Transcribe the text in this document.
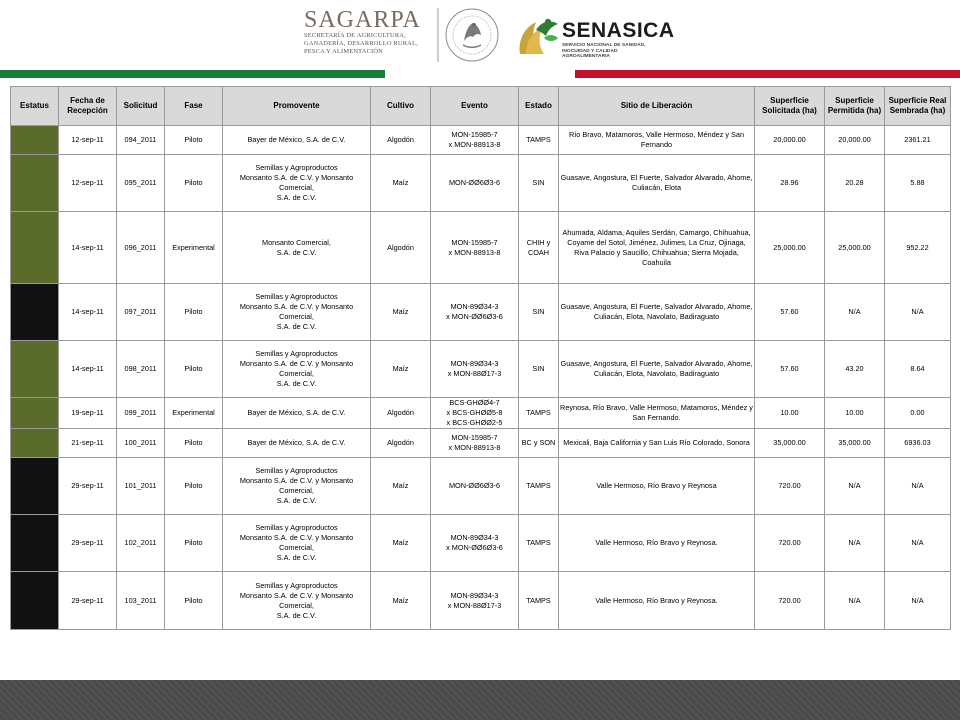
SAGARPA
SECRETARÍA DE AGRICULTURA,
GANADERÍA, DESARROLLO RURAL,
PESCA Y ALIMENTACIÓN
SENASICA
SERVICIO NACIONAL DE SANIDAD,
INOCUIDAD Y CALIDAD
AGROALIMENTARIA
Estatus	Fecha de Recepción	Solicitud	Fase	Promovente	Cultivo	Evento	Estado	Sitio de Liberación	Superficie Solicitada (ha)	Superficie Permitida (ha)	Superficie Real Sembrada (ha)
	12-sep-11	094_2011	Piloto	Bayer de México, S.A. de C.V.	Algodón	MON-15985-7
x MON-88913-8	TAMPS	Río Bravo, Matamoros, Valle Hermoso, Méndez y San Fernando	20,000.00	20,000.00	2361.21
	12-sep-11	095_2011	Piloto	Semillas y Agroproductos
Monsanto S.A. de C.V. y Monsanto Comercial,
S.A. de C.V.	Maíz	MON-ØØ6Ø3-6	SIN	Guasave, Angostura, El Fuerte, Salvador Alvarado, Ahome, Culiacán, Elota	28.96	20.28	5.88
	14-sep-11	096_2011	Experimental	Monsanto Comercial,
S.A. de C.V.	Algodón	MON-15985-7
x MON-88913-8	CHIH y COAH	Ahumada, Aldama, Aquiles Serdán, Camargo, Chihuahua, Coyame del Sotol, Jiménez, Julimes, La Cruz, Ojinaga, Riva Palacio y Saucillo, Chihuahua; Sierra Mojada, Coahuila	25,000.00	25,000.00	952.22
	14-sep-11	097_2011	Piloto	Semillas y Agroproductos
Monsanto S.A. de C.V. y Monsanto Comercial,
S.A. de C.V.	Maíz	MON-89Ø34-3
x MON-ØØ6Ø3-6	SIN	Guasave, Angostura, El Fuerte, Salvador Alvarado, Ahome, Culiacán, Elota, Navolato, Badiraguato	57.60	N/A	N/A
	14-sep-11	098_2011	Piloto	Semillas y Agroproductos
Monsanto S.A. de C.V. y Monsanto Comercial,
S.A. de C.V.	Maíz	MON-89Ø34-3
x MON-88Ø17-3	SIN	Guasave, Angostura, El Fuerte, Salvador Alvarado, Ahome, Culiacán, Elota, Navolato, Badiraguato	57.60	43.20	8.64
	19-sep-11	099_2011	Experimental	Bayer de México, S.A. de C.V.	Algodón	BCS-GHØØ4-7
x BCS-GHØØ5-8
x BCS-GHØØ2-5	TAMPS	Reynosa, Río Bravo, Valle Hermoso, Matamoros, Méndez y San Fernando.	10.00	10.00	0.00
	21-sep-11	100_2011	Piloto	Bayer de México, S.A. de C.V.	Algodón	MON-15985-7
x MON-88913-8	BC y SON	Mexicali, Baja California y San Luis Río Colorado, Sonora	35,000.00	35,000.00	6936.03
	29-sep-11	101_2011	Piloto	Semillas y Agroproductos
Monsanto S.A. de C.V. y Monsanto Comercial,
S.A. de C.V.	Maíz	MON-ØØ6Ø3-6	TAMPS	Valle Hermoso, Río Bravo y Reynosa	720.00	N/A	N/A
	29-sep-11	102_2011	Piloto	Semillas y Agroproductos
Monsanto S.A. de C.V. y Monsanto Comercial,
S.A. de C.V.	Maíz	MON-89Ø34-3
x MON-ØØ6Ø3-6	TAMPS	Valle Hermoso, Río Bravo y Reynosa.	720.00	N/A	N/A
	29-sep-11	103_2011	Piloto	Semillas y Agroproductos
Monsanto S.A. de C.V. y Monsanto Comercial,
S.A. de C.V.	Maíz	MON-89Ø34-3
x MON-88Ø17-3	TAMPS	Valle Hermoso, Río Bravo y Reynosa.	720.00	N/A	N/A
